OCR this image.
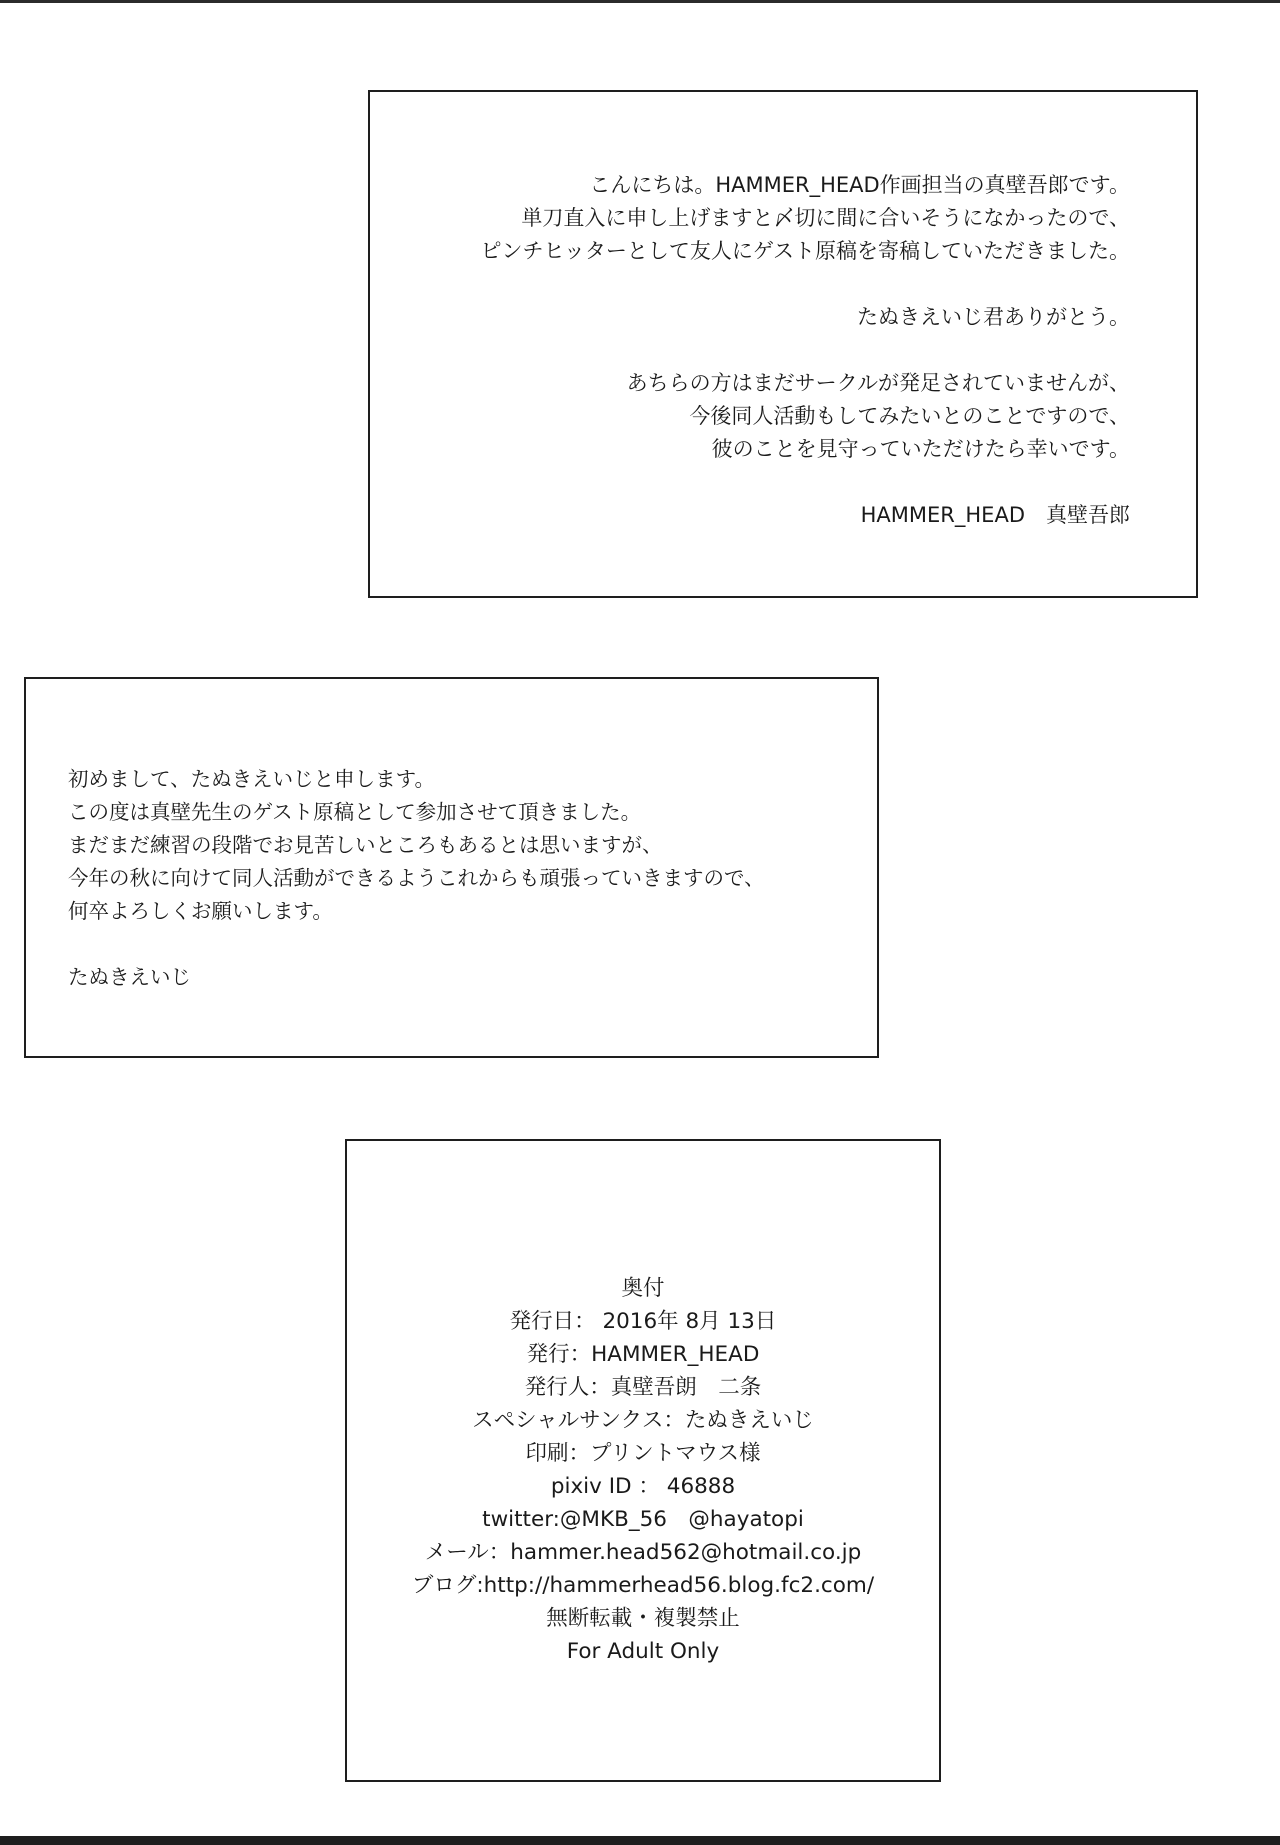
こんにちは。HAMMER_HEAD作画担当の真壁吾郎です。
単刀直入に申し上げますと〆切に間に合いそうになかったので、
ピンチヒッターとして友人にゲスト原稿を寄稿していただきました。
たぬきえいじ君ありがとう。
あちらの方はまだサークルが発足されていませんが、
今後同人活動もしてみたいとのことですので、
彼のことを見守っていただけたら幸いです。
HAMMER_HEAD　真壁吾郎
初めまして、たぬきえいじと申します。
この度は真壁先生のゲスト原稿として参加させて頂きました。
まだまだ練習の段階でお見苦しいところもあるとは思いますが、
今年の秋に向けて同人活動ができるようこれからも頑張っていきますので、
何卒よろしくお願いします。
たぬきえいじ
奥付
発行日： 2016年 8月 13日
発行：HAMMER_HEAD
発行人：真壁吾朗　二条
スペシャルサンクス：たぬきえいじ
印刷：プリントマウス様
pixiv ID ： 46888
twitter:@MKB_56　@hayatopi
メール：hammer.head562@hotmail.co.jp
ブログ:http://hammerhead56.blog.fc2.com/
無断転載・複製禁止
For Adult Only
